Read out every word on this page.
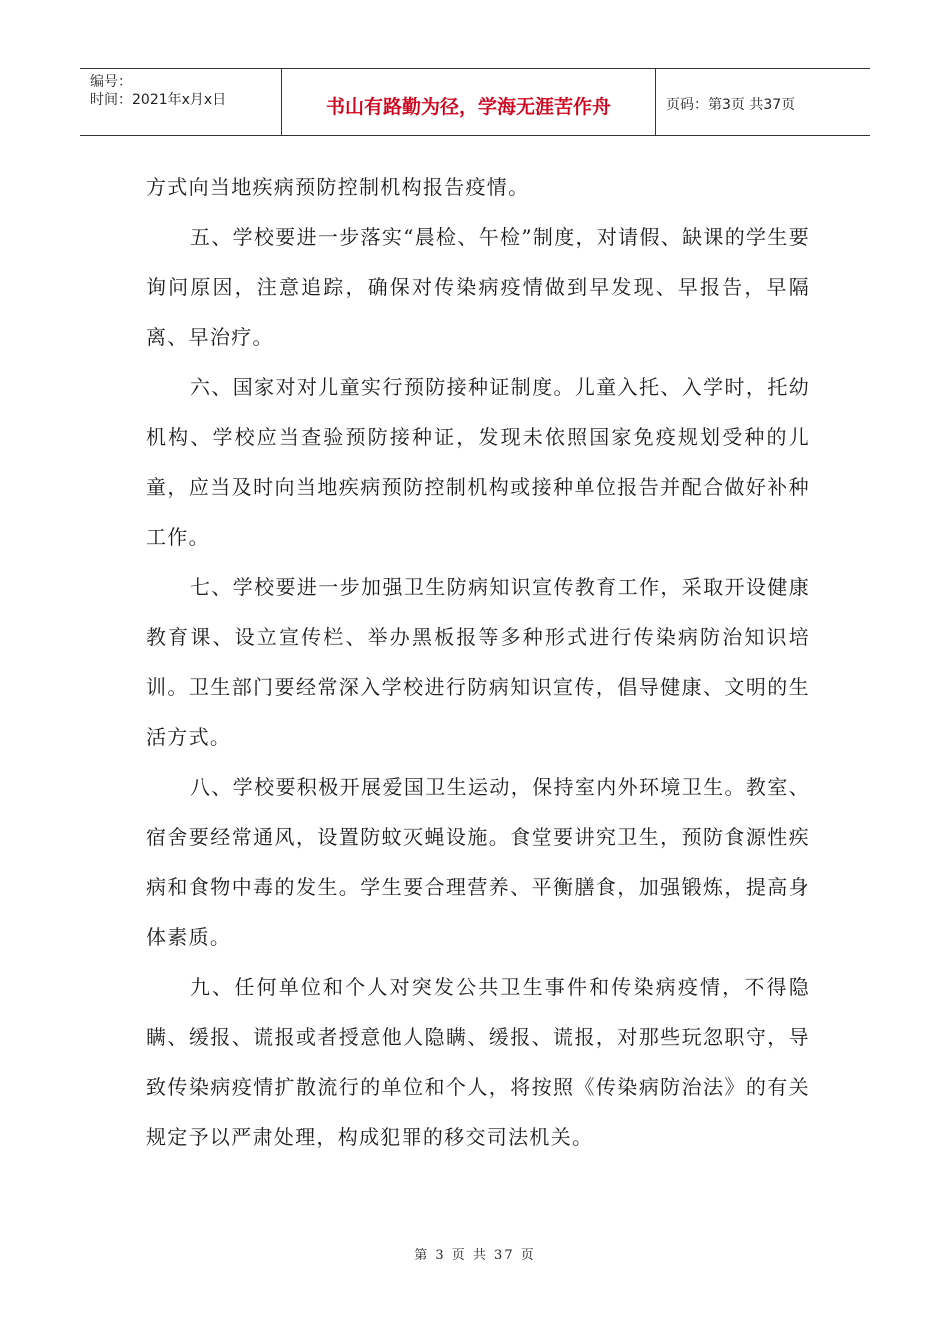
编号：
时间：2021年x月x日	书山有路勤为径，学海无涯苦作舟	页码：第3页 共37页

方式向当地疾病预防控制机构报告疫情。

五、学校要进一步落实“晨检、午检”制度，对请假、缺课的学生要询问原因，注意追踪，确保对传染病疫情做到早发现、早报告，早隔离、早治疗。

六、国家对对儿童实行预防接种证制度。儿童入托、入学时，托幼机构、学校应当查验预防接种证，发现未依照国家免疫规划受种的儿童，应当及时向当地疾病预防控制机构或接种单位报告并配合做好补种工作。

七、学校要进一步加强卫生防病知识宣传教育工作，采取开设健康教育课、设立宣传栏、举办黑板报等多种形式进行传染病防治知识培训。卫生部门要经常深入学校进行防病知识宣传，倡导健康、文明的生活方式。

八、学校要积极开展爱国卫生运动，保持室内外环境卫生。教室、宿舍要经常通风，设置防蚊灭蝇设施。食堂要讲究卫生，预防食源性疾病和食物中毒的发生。学生要合理营养、平衡膳食，加强锻炼，提高身体素质。

九、任何单位和个人对突发公共卫生事件和传染病疫情，不得隐瞒、缓报、谎报或者授意他人隐瞒、缓报、谎报，对那些玩忽职守，导致传染病疫情扩散流行的单位和个人，将按照《传染病防治法》的有关规定予以严肃处理，构成犯罪的移交司法机关。

第 3 页 共 37 页
